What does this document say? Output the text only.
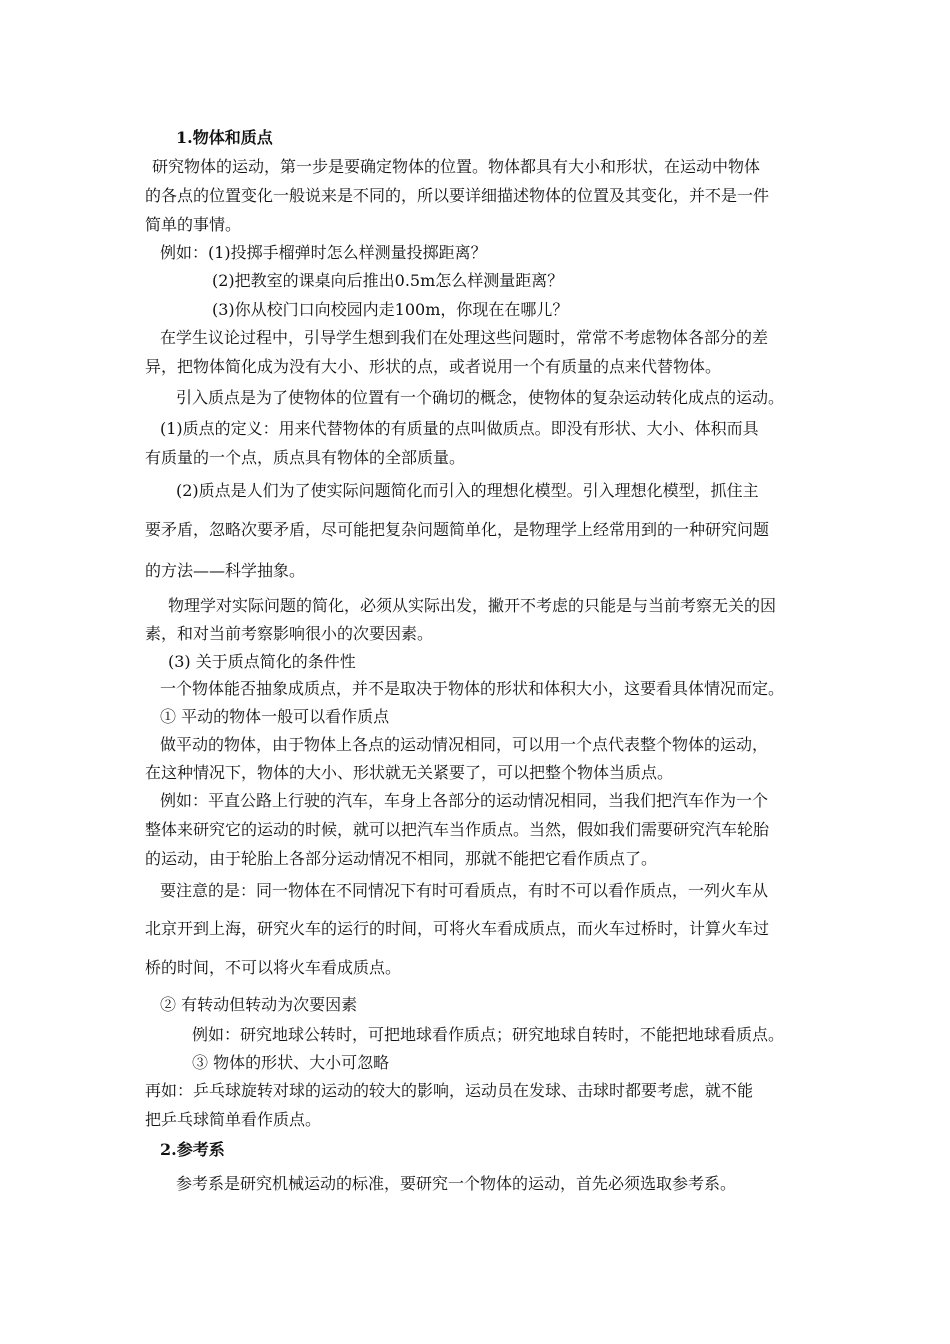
1.物体和质点
研究物体的运动，第一步是要确定物体的位置。物体都具有大小和形状，在运动中物体
的各点的位置变化一般说来是不同的，所以要详细描述物体的位置及其变化，并不是一件
简单的事情。
例如：(1)投掷手榴弹时怎么样测量投掷距离？
(2)把教室的课桌向后推出0.5m怎么样测量距离？
(3)你从校门口向校园内走100m，你现在在哪儿？
在学生议论过程中，引导学生想到我们在处理这些问题时，常常不考虑物体各部分的差
异，把物体简化成为没有大小、形状的点，或者说用一个有质量的点来代替物体。
引入质点是为了使物体的位置有一个确切的概念，使物体的复杂运动转化成点的运动。
(1)质点的定义：用来代替物体的有质量的点叫做质点。即没有形状、大小、体积而具
有质量的一个点，质点具有物体的全部质量。
(2)质点是人们为了使实际问题简化而引入的理想化模型。引入理想化模型，抓住主
要矛盾，忽略次要矛盾，尽可能把复杂问题简单化，是物理学上经常用到的一种研究问题
的方法——科学抽象。
物理学对实际问题的简化，必须从实际出发，撇开不考虑的只能是与当前考察无关的因
素，和对当前考察影响很小的次要因素。
(3) 关于质点简化的条件性
一个物体能否抽象成质点，并不是取决于物体的形状和体积大小，这要看具体情况而定。
① 平动的物体一般可以看作质点
做平动的物体，由于物体上各点的运动情况相同，可以用一个点代表整个物体的运动，
在这种情况下，物体的大小、形状就无关紧要了，可以把整个物体当质点。
例如：平直公路上行驶的汽车，车身上各部分的运动情况相同，当我们把汽车作为一个
整体来研究它的运动的时候，就可以把汽车当作质点。当然，假如我们需要研究汽车轮胎
的运动，由于轮胎上各部分运动情况不相同，那就不能把它看作质点了。
要注意的是：同一物体在不同情况下有时可看质点，有时不可以看作质点，一列火车从
北京开到上海，研究火车的运行的时间，可将火车看成质点，而火车过桥时，计算火车过
桥的时间，不可以将火车看成质点。
② 有转动但转动为次要因素
例如：研究地球公转时，可把地球看作质点；研究地球自转时，不能把地球看质点。
③ 物体的形状、大小可忽略
再如：乒乓球旋转对球的运动的较大的影响，运动员在发球、击球时都要考虑，就不能
把乒乓球简单看作质点。
2.参考系
参考系是研究机械运动的标准，要研究一个物体的运动，首先必须选取参考系。
